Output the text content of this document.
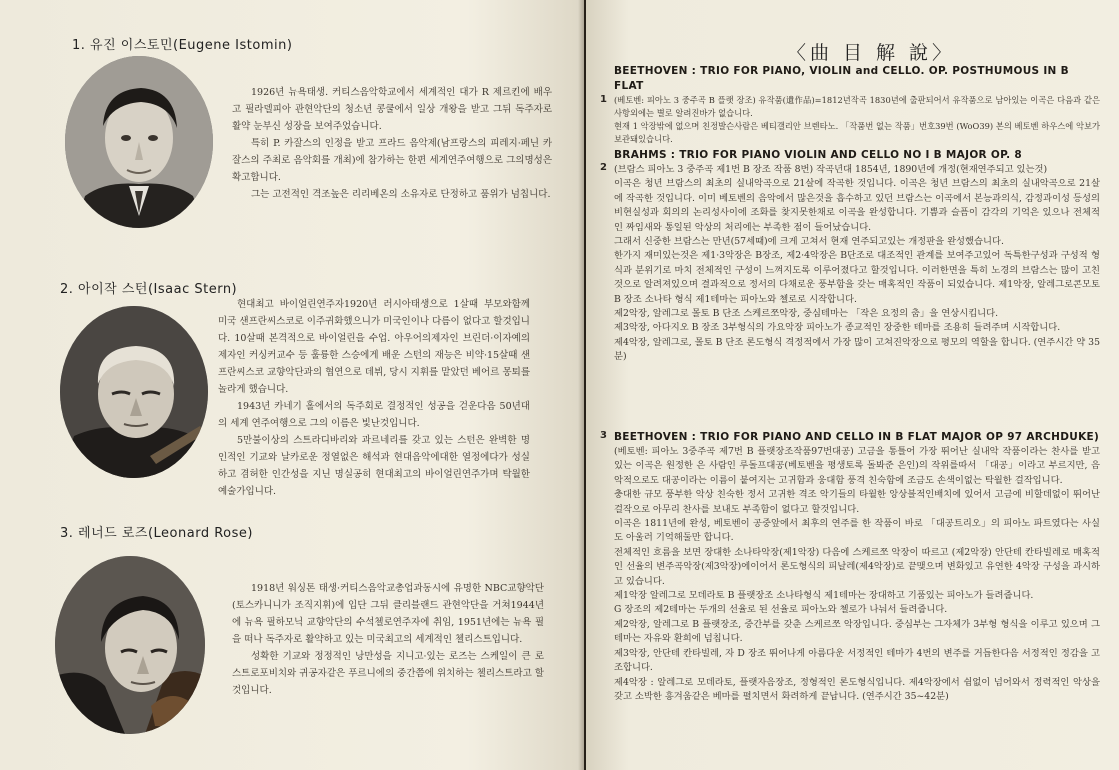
1. 유진 이스토민(Eugene Istomin)

1926년 뉴욕태생. 커티스음악학교에서 세계적인 대가 R 제르킨에 배우고 필라델피아 관현악단의 청소년 콩쿨에서 일상 개왕을 받고 그뒤 독주자로 활약 눈부신 성장을 보여주었습니다.

특히 P. 카잘스의 인정을 받고 프라드 음악제(남프랑스의 피레지·페닌 카잘스의 주최로 음악회를 개최)에 참가하는 한편 세계연주여행으로 그의명성은 확고합니다.

그는 고전적인 격조높은 리리베온의 소유자로 단정하고 품위가 넘칩니다.

2. 아이작 스턴(Isaac Stern)

현대최고 바이얼린연주자1920년 러시아태생으로 1살때 부모와함께 미국 샌프란씨스코로 이주귀화했으니가 미국인이나 다름이 없다고 할것입니다. 10살때 본격적으로 바이얼린을 수업. 아우어의제자인 브린더·이자예의 제자인 커싱커교수 등 훌륭한 스승에게 배운 스턴의 재능은 비약·15살때 샌프란씨스코 교향악단과의 협연으로 데뷔, 당시 지휘를 맡았던 베어르 몽퇴를 놀라게 했습니다.

1943년 카네기 홀에서의 독주회로 결정적인 성공을 걷운다음 50년대의 세계 연주여행으로 그의 이름은 빛난것입니다.

5만불이상의 스트라디바리와 과르네리를 갖고 있는 스턴은 완벽한 명인적인 기교와 날카로운 정열없은 해석과 현대음악에대한 열정에다가 성실하고 겸허한 인간성을 지닌 명실공히 현대최고의 바이얼린연주가며 탁월한 예술가입니다.

3. 레너드 로즈(Leonard Rose)

1918년 워싱톤 태생·커티스음악교총업과동시에 유명한 NBC교향악단(토스카니니가 조직지휘)에 입단 그뒤 클리블랜드 관현악단을 거쳐1944년에 뉴욕 필하모닉 교향악단의 수석첼로연주자에 취임, 1951년에는 뉴욕 필을 떠나 독주자로 활약하고 있는 미국최고의 세계적인 첼리스트입니다.

성확한 기교와 정정적인 낭만성을 지니고·있는 로즈는 스케일이 큰 로스트로포비치와 귀공자같은 푸르니에의 중간쯤에 위치하는 첼리스트라고 할것입니다.

〈曲 目 解 說〉
1
BEETHOVEN : TRIO FOR PIANO, VIOLIN and CELLO. OP. POSTHUMOUS IN B FLAT

(베토벤: 피아노 3 중주곡 B 플랫 장조) 유작품(遺作品)=1812년작곡 1830년에 출판되어서 유작품으로 남아있는 이곡은 다음과 같은 사항외에는 별로 알려진바가 없습니다.

현재 1 악장밖에 없으며 친정발슨사람은 베티갤리안 브렌타노. 「작품번 없는 작품」번호39번 (WoO39) 본의 베토벤 하우스에 악보가 보관돼있습니다.

2
BRAHMS : TRIO FOR PIANO VIOLIN AND CELLO NO I B MAJOR OP. 8

(브람스 피아노 3 중주곡 제1번 B 장조 작품 8번) 작곡년대 1854년, 1890년에 개정(현재연주되고 있는것)

이곡은 청년 브람스의 최초의 실내악곡으로 21살에 작곡한 것입니다. 이곡은 청년 브람스의 최초의 실내악곡으로 21살에 작곡한 것입니다. 이미 베토벤의 음악에서 많은것을 흡수하고 있던 브람스는 이곡에서 본능과의식, 감정과이성 등성의 비현실성과 회의의 논리성사이에 조화를 찾지못한채로 이곡을 완성합니다. 기쁨과 슬픔이 감각의 기억은 있으나 전체적인 짜임새와 통일된 악상의 처리에는 부족한 점이 들어났습니다.

그래서 신중한 브람스는 만년(57세때)에 크게 고쳐서 현재 연주되고있는 개정판을 완성했습니다.

한가지 재미있는것은 제1·3악장은 B장조, 제2·4악장은 B단조로 대조적인 관계를 보여주고있어 독특한구성과 구성적 형식과 분위기로 마치 전체적인 구성이 느껴지도록 이루어졌다고 할것입니다. 이러한면을 특히 노경의 브람스는 많이 고친것으로 알려져있으며 결과적으로 정서의 다채로운 풍부함을 갖는 매혹적인 작품이 되었습니다. 제1악장, 알레그로콘모토 B 장조 소나타 형식 제1테마는 피아노와 첼로로 시작합니다.

제2악장, 알레그로 몰토 B 단조 스케르쪼악장, 중심테마는 「작은 요정의 춤」을 연상시킵니다.

제3악장, 아다지오 B 장조 3부형식의 가요악장 피아노가 종교적인 장중한 테마를 조용히 들려주며 시작합니다.

제4악장, 알레그로, 몰토 B 단조 론도형식 격정적에서 가장 많이 고쳐진악장으로 평모의 역할을 합니다. (연주시간 약 35분)

3 BEETHOVEN : TRIO FOR PIANO AND CELLO IN B FLAT MAJOR OP 97 ARCHDUKE)

(베토벤: 피아노 3중주곡 제7번 B 플랫장조작품97번대공) 고금을 통틀어 가장 뛰어난 실내악 작품이라는 찬사를 받고 있는 이곡은 원정한 은 사람인 루돌프대공(베토벤을 평생토록 돌봐준 은인)의 작위를따서 「대공」이라고 부르지만, 음악적으로도 대공이라는 이름이 붙여지는 고귀함과 웅대함 풍격 친숙함에 조금도 손색이없는 탁월한 걸작입니다.

충대한 규모 풍부한 악상 친숙한 정서 고귀한 격조 악기들의 타월한 앙상블적인배치에 있어서 고금에 비할데없이 뛰어난 걸작으로 아무리 찬사를 보내도 부족함이 없다고 할것입니다.

이곡은 1811년에 완성, 베토벤이 공중앞에서 최후의 연주를 한 작품이 바로 「대공트리오」의 피아노 파트였다는 사실도 아울러 기억해둘만 합니다.

전체적인 흐름을 보면 장대한 소나타악장(제1악장) 다음에 스케르쪼 악장이 따르고 (제2악장) 안단테 칸타빌레로 매혹적인 선율의 변주곡악장(제3악장)에이어서 론도형식의 피날레(제4악장)로 끝맺으며 변화있고 유연한 4악장 구성을 과시하고 있습니다.

제1악장 알레그로 모데라토 B 플랫장조 소나타형식 제1테마는 장대하고 기품있는 피아노가 들려줍니다.

G 장조의 제2테마는 두개의 선율로 된 선율로 피아노와 첼로가 나눠서 들려줍니다.

제2악장, 알레그로 B 플랫장조, 중간부를 갖춘 스케르쪼 악장입니다. 중심부는 그자체가 3부형 형식을 이루고 있으며 그 테마는 자유와 환희에 넘칩니다.

제3악장, 안단테 칸타빌레, 자 D 장조 뛰어나게 아름다운 서정적인 테마가 4번의 변주를 거듭한다음 서정적인 정감을 고조합니다.

제4악장 : 알레그로 모데라토, 플랫자음장조, 정형적인 론도형식입니다. 제4악장에서 쉼없이 넘어와서 정력적인 악상을 갖고 소박한 흥겨움같은 베마를 펼치면서 화려하게 끝납니다. (연주시간 35~42분)
